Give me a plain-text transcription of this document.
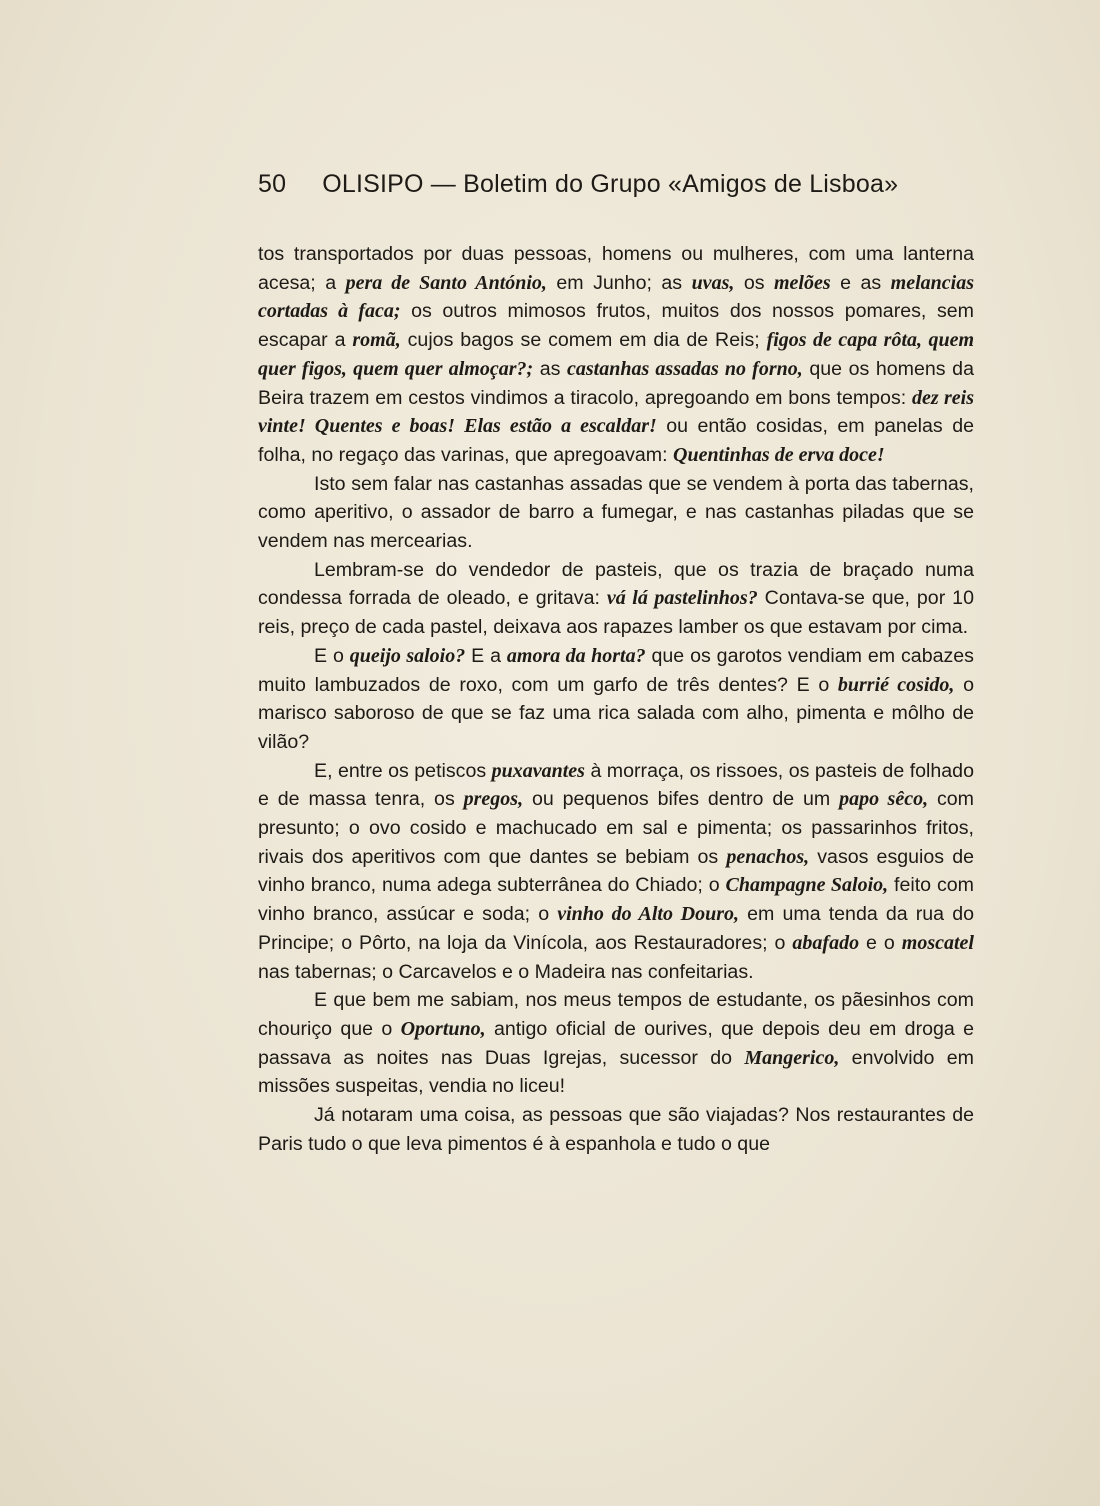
50 OLISIPO — Boletim do Grupo «Amigos de Lisboa»

tos transportados por duas pessoas, homens ou mulheres, com uma lanterna acesa; a pera de Santo António, em Junho; as uvas, os melões e as melancias cortadas à faca; os outros mimosos frutos, muitos dos nossos pomares, sem escapar a romã, cujos bagos se comem em dia de Reis; figos de capa rôta, quem quer figos, quem quer almoçar?; as castanhas assadas no forno, que os homens da Beira trazem em cestos vindimos a tiracolo, apregoando em bons tempos: dez reis vinte! Quentes e boas! Elas estão a escaldar! ou então cosidas, em panelas de folha, no regaço das varinas, que apregoavam: Quentinhas de erva doce!

Isto sem falar nas castanhas assadas que se vendem à porta das tabernas, como aperitivo, o assador de barro a fumegar, e nas castanhas piladas que se vendem nas mercearias.

Lembram-se do vendedor de pasteis, que os trazia de braçado numa condessa forrada de oleado, e gritava: vá lá pastelinhos? Contava-se que, por 10 reis, preço de cada pastel, deixava aos rapazes lamber os que estavam por cima.

E o queijo saloio? E a amora da horta? que os garotos vendiam em cabazes muito lambuzados de roxo, com um garfo de três dentes? E o burrié cosido, o marisco saboroso de que se faz uma rica salada com alho, pimenta e môlho de vilão?

E, entre os petiscos puxavantes à morraça, os rissoes, os pasteis de folhado e de massa tenra, os pregos, ou pequenos bifes dentro de um papo sêco, com presunto; o ovo cosido e machucado em sal e pimenta; os passarinhos fritos, rivais dos aperitivos com que dantes se bebiam os penachos, vasos esguios de vinho branco, numa adega subterrânea do Chiado; o Champagne Saloio, feito com vinho branco, assúcar e soda; o vinho do Alto Douro, em uma tenda da rua do Principe; o Pôrto, na loja da Vinícola, aos Restauradores; o abafado e o moscatel nas tabernas; o Carcavelos e o Madeira nas confeitarias.

E que bem me sabiam, nos meus tempos de estudante, os pãesinhos com chouriço que o Oportuno, antigo oficial de ourives, que depois deu em droga e passava as noites nas Duas Igrejas, sucessor do Mangerico, envolvido em missões suspeitas, vendia no liceu!

Já notaram uma coisa, as pessoas que são viajadas? Nos restaurantes de Paris tudo o que leva pimentos é à espanhola e tudo o que
